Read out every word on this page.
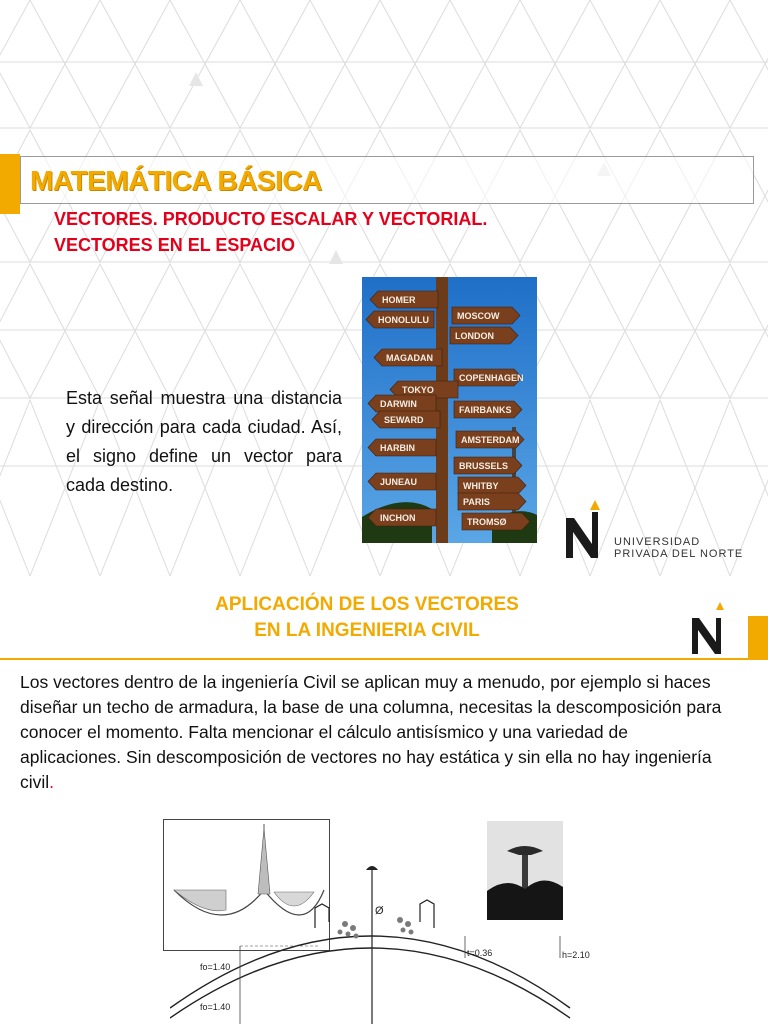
MATEMÁTICA BÁSICA
VECTORES. PRODUCTO ESCALAR Y VECTORIAL.
VECTORES EN EL ESPACIO
Esta señal muestra una distancia y dirección para cada ciudad. Así, el signo define un vector para cada destino.
HOMER
HONOLULU	MOSCOW
LONDON
MAGADAN
COPENHAGEN
TOKYO
DARWIN
SEWARD
FAIRBANKS
AMSTERDAM
HARBIN
BRUSSELS
JUNEAU	WHITBY
PARIS
INCHON	TROMSØ
UNIVERSIDAD
PRIVADA DEL NORTE
APLICACIÓN DE LOS VECTORES
EN LA INGENIERIA CIVIL
Los vectores dentro de la ingeniería Civil se aplican muy a menudo, por ejemplo si haces diseñar un techo de armadura, la base de una columna, necesitas la descomposición para conocer el momento. Falta mencionar el cálculo antisísmico y una variedad de aplicaciones. Sin descomposición de vectores no hay estática y sin ella no hay ingeniería civil.
Ø
t=0.36	h=2.10
fo=1.40
fo=1.40
